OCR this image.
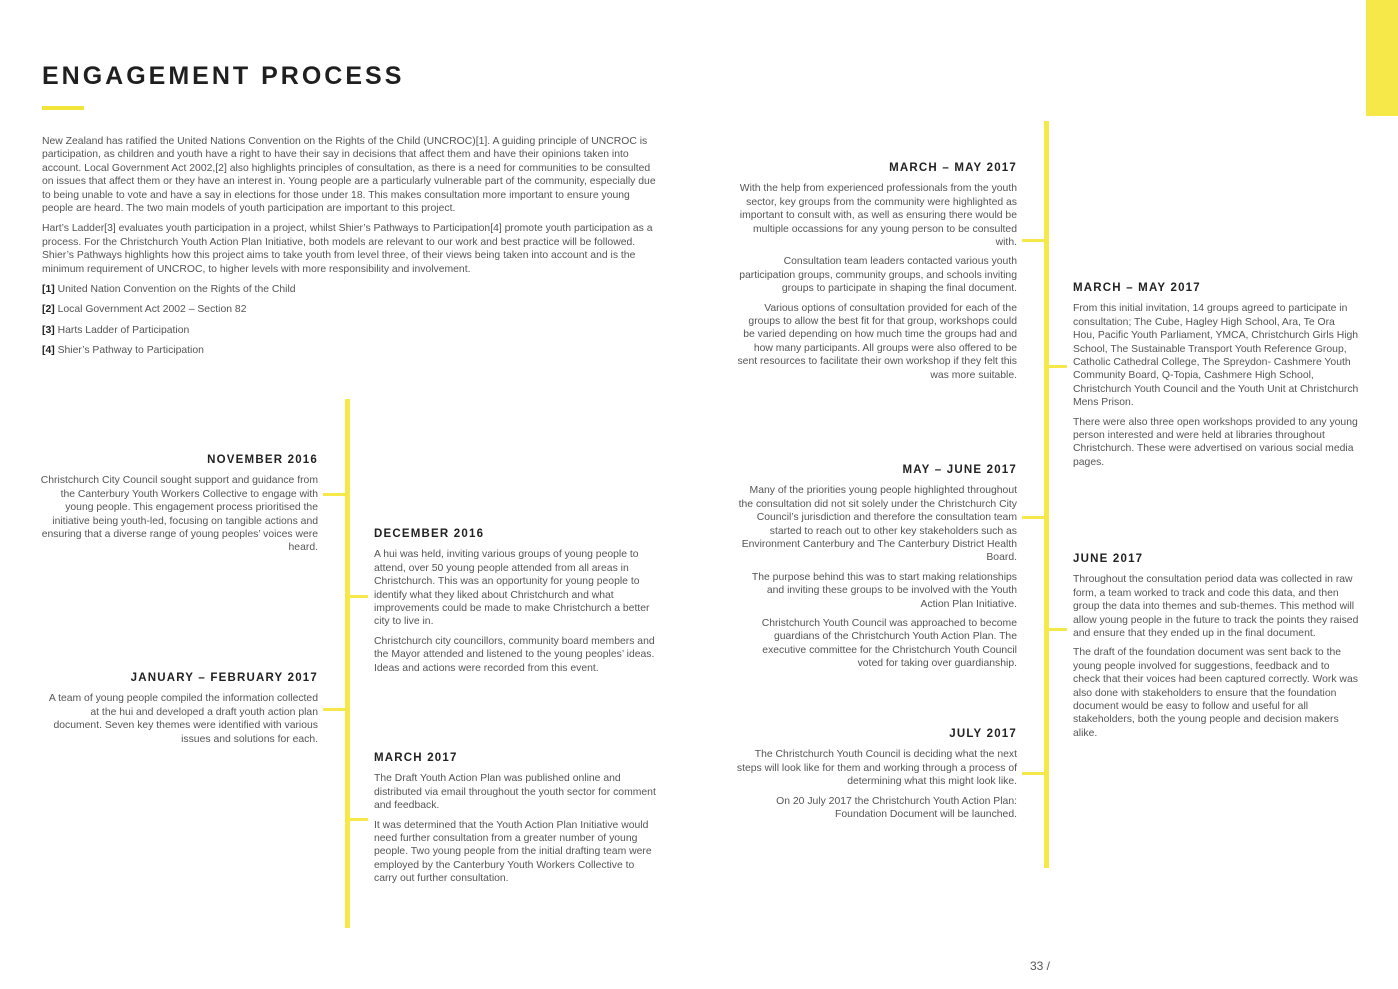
ENGAGEMENT PROCESS

New Zealand has ratified the United Nations Convention on the Rights of the Child (UNCROC)[1]. A guiding principle of UNCROC is participation, as children and youth have a right to have their say in decisions that affect them and have their opinions taken into account. Local Government Act 2002,[2] also highlights principles of consultation, as there is a need for communities to be consulted on issues that affect them or they have an interest in. Young people are a particularly vulnerable part of the community, especially due to being unable to vote and have a say in elections for those under 18. This makes consultation more important to ensure young people are heard. The two main models of youth participation are important to this project.

Hart’s Ladder[3] evaluates youth participation in a project, whilst Shier’s Pathways to Participation[4] promote youth participation as a process. For the Christchurch Youth Action Plan Initiative, both models are relevant to our work and best practice will be followed. Shier’s Pathways highlights how this project aims to take youth from level three, of their views being taken into account and is the minimum requirement of UNCROC, to higher levels with more responsibility and involvement.

[1] United Nation Convention on the Rights of the Child

[2] Local Government Act 2002 – Section 82

[3] Harts Ladder of Participation

[4] Shier’s Pathway to Participation

NOVEMBER 2016

Christchurch City Council sought support and guidance from the Canterbury Youth Workers Collective to engage with young people. This engagement process prioritised the initiative being youth-led, focusing on tangible actions and ensuring that a diverse range of young peoples’ voices were heard.

DECEMBER 2016

A hui was held, inviting various groups of young people to attend, over 50 young people attended from all areas in Christchurch. This was an opportunity for young people to identify what they liked about Christchurch and what improvements could be made to make Christchurch a better city to live in.

Christchurch city councillors, community board members and the Mayor attended and listened to the young peoples’ ideas. Ideas and actions were recorded from this event.

JANUARY – FEBRUARY 2017

A team of young people compiled the information collected at the hui and developed a draft youth action plan document. Seven key themes were identified with various issues and solutions for each.

MARCH 2017

The Draft Youth Action Plan was published online and distributed via email throughout the youth sector for comment and feedback.

It was determined that the Youth Action Plan Initiative would need further consultation from a greater number of young people. Two young people from the initial drafting team were employed by the Canterbury Youth Workers Collective to carry out further consultation.

MARCH – MAY 2017

With the help from experienced professionals from the youth sector, key groups from the community were highlighted as important to consult with, as well as ensuring there would be multiple occassions for any young person to be consulted with.

Consultation team leaders contacted various youth participation groups, community groups, and schools inviting groups to participate in shaping the final document.

Various options of consultation provided for each of the groups to allow the best fit for that group, workshops could be varied depending on how much time the groups had and how many participants. All groups were also offered to be sent resources to facilitate their own workshop if they felt this was more suitable.

MARCH – MAY 2017

From this initial invitation, 14 groups agreed to participate in consultation; The Cube, Hagley High School, Ara, Te Ora Hou, Pacific Youth Parliament, YMCA, Christchurch Girls High School, The Sustainable Transport Youth Reference Group, Catholic Cathedral College, The Spreydon- Cashmere Youth Community Board, Q-Topia, Cashmere High School, Christchurch Youth Council and the Youth Unit at Christchurch Mens Prison.

There were also three open workshops provided to any young person interested and were held at libraries throughout Christchurch. These were advertised on various social media pages.

MAY – JUNE 2017

Many of the priorities young people highlighted throughout the consultation did not sit solely under the Christchurch City Council’s jurisdiction and therefore the consultation team started to reach out to other key stakeholders such as Environment Canterbury and The Canterbury District Health Board.

The purpose behind this was to start making relationships and inviting these groups to be involved with the Youth Action Plan Initiative.

Christchurch Youth Council was approached to become guardians of the Christchurch Youth Action Plan. The executive committee for the Christchurch Youth Council voted for taking over guardianship.

JUNE 2017

Throughout the consultation period data was collected in raw form, a team worked to track and code this data, and then group the data into themes and sub-themes. This method will allow young people in the future to track the points they raised and ensure that they ended up in the final document.

The draft of the foundation document was sent back to the young people involved for suggestions, feedback and to check that their voices had been captured correctly. Work was also done with stakeholders to ensure that the foundation document would be easy to follow and useful for all stakeholders, both the young people and decision makers alike.

JULY 2017

The Christchurch Youth Council is deciding what the next steps will look like for them and working through a process of determining what this might look like.

On 20 July 2017 the Christchurch Youth Action Plan: Foundation Document will be launched.

33 /
